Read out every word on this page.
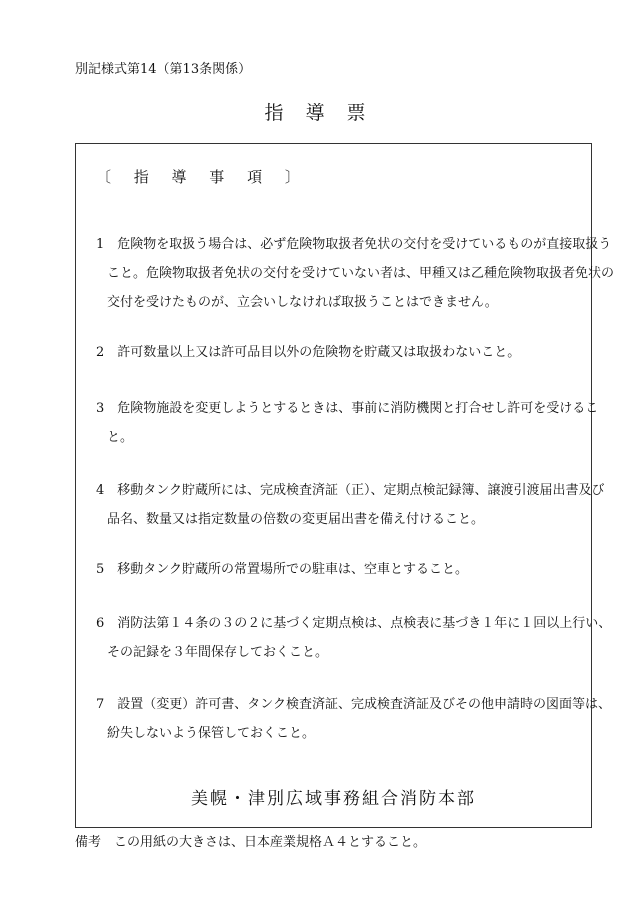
別記様式第14（第13条関係）
指導票
〔 指 導 事 項 〕
1　危険物を取扱う場合は、必ず危険物取扱者免状の交付を受けているものが直接取扱う
こと。危険物取扱者免状の交付を受けていない者は、甲種又は乙種危険物取扱者免状の
交付を受けたものが、立会いしなければ取扱うことはできません。
2　許可数量以上又は許可品目以外の危険物を貯蔵又は取扱わないこと。
3　危険物施設を変更しようとするときは、事前に消防機関と打合せし許可を受けるこ
と。
4　移動タンク貯蔵所には、完成検査済証（正）、定期点検記録簿、譲渡引渡届出書及び
品名、数量又は指定数量の倍数の変更届出書を備え付けること。
5　移動タンク貯蔵所の常置場所での駐車は、空車とすること。
6　消防法第１４条の３の２に基づく定期点検は、点検表に基づき１年に１回以上行い、
その記録を３年間保存しておくこと。
7　設置（変更）許可書、タンク検査済証、完成検査済証及びその他申請時の図面等は、
紛失しないよう保管しておくこと。
美幌・津別広域事務組合消防本部
備考　この用紙の大きさは、日本産業規格Ａ４とすること。
